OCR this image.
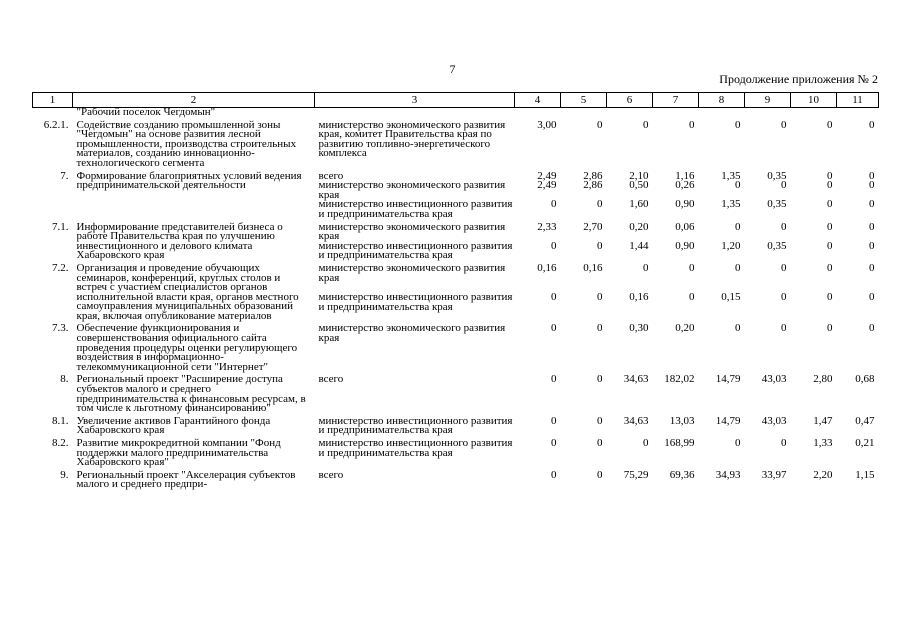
7
Продолжение приложения № 2
1	2	3	4	5	6	7	8	9	10	11
	"Рабочий поселок Чегдомын"									
6.2.1.	Содействие созданию промышленной зоны "Чегдомын" на основе развития лесной промышленности, производства строительных материалов, созданию инновационно-технологического сегмента	министерство экономического развития края, комитет Правительства края по развитию топливно-энергетического комплекса	3,00	0	0	0	0	0	0	0
7.	Формирование благоприятных условий ведения предпринимательской деятельности	всего	2,49	2,86	2,10	1,16	1,35	0,35	0	0
		министерство экономического развития края	2,49	2,86	0,50	0,26	0	0	0	0
		министерство инвестиционного развития и предпринимательства края	0	0	1,60	0,90	1,35	0,35	0	0
7.1.	Информирование представителей бизнеса о работе Правительства края по улучшению инвестиционного и делового климата Хабаровского края	министерство экономического развития края	2,33	2,70	0,20	0,06	0	0	0	0
		министерство инвестиционного развития и предпринимательства края	0	0	1,44	0,90	1,20	0,35	0	0
7.2.	Организация и проведение обучающих семинаров, конференций, круглых столов и встреч с участием специалистов органов исполнительной власти края, органов местного самоуправления муниципальных образований края, включая опубликование материалов	министерство экономического развития края	0,16	0,16	0	0	0	0	0	0
		министерство инвестиционного развития и предпринимательства края	0	0	0,16	0	0,15	0	0	0
7.3.	Обеспечение функционирования и совершенствования официального сайта проведения процедуры оценки регулирующего воздействия в информационно-телекоммуникационной сети "Интернет"	министерство экономического развития края	0	0	0,30	0,20	0	0	0	0
8.	Региональный проект "Расширение доступа субъектов малого и среднего предпринимательства к финансовым ресурсам, в том числе к льготному финансированию"	всего	0	0	34,63	182,02	14,79	43,03	2,80	0,68
8.1.	Увеличение активов Гарантийного фонда Хабаровского края	министерство инвестиционного развития и предпринимательства края	0	0	34,63	13,03	14,79	43,03	1,47	0,47
8.2.	Развитие микрокредитной компании "Фонд поддержки малого предпринимательства Хабаровского края"	министерство инвестиционного развития и предпринимательства края	0	0	0	168,99	0	0	1,33	0,21
9.	Региональный проект "Акселерация субъектов малого и среднего предпри-	всего	0	0	75,29	69,36	34,93	33,97	2,20	1,15
